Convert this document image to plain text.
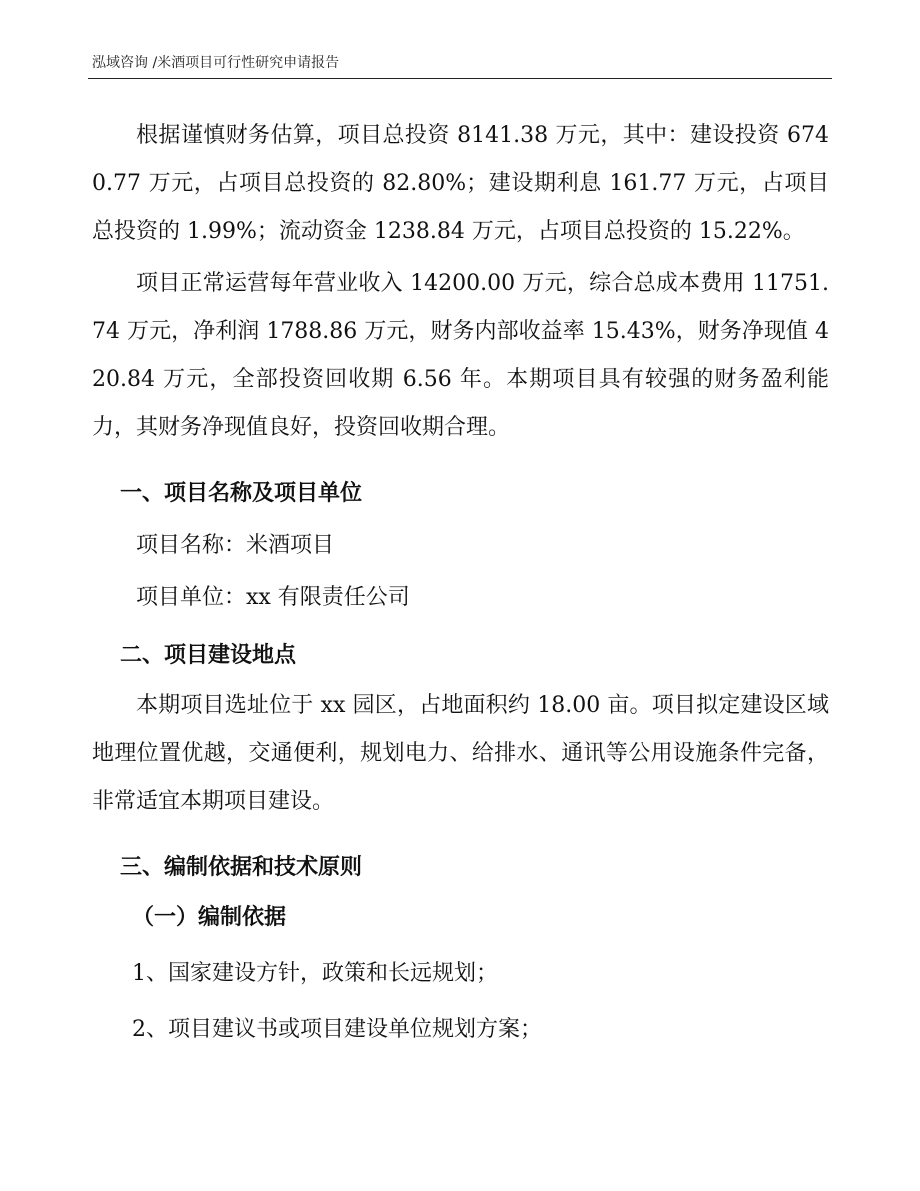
泓域咨询 /米酒项目可行性研究申请报告

根据谨慎财务估算，项目总投资 8141.38 万元，其中：建设投资 6740.77 万元，占项目总投资的 82.80%；建设期利息 161.77 万元，占项目总投资的 1.99%；流动资金 1238.84 万元，占项目总投资的 15.22%。

项目正常运营每年营业收入 14200.00 万元，综合总成本费用 11751.74 万元，净利润 1788.86 万元，财务内部收益率 15.43%，财务净现值 420.84 万元，全部投资回收期 6.56 年。本期项目具有较强的财务盈利能力，其财务净现值良好，投资回收期合理。

一、项目名称及项目单位

项目名称：米酒项目

项目单位：xx 有限责任公司

二、项目建设地点

本期项目选址位于 xx 园区，占地面积约 18.00 亩。项目拟定建设区域地理位置优越，交通便利，规划电力、给排水、通讯等公用设施条件完备，非常适宜本期项目建设。

三、编制依据和技术原则

（一）编制依据

1、国家建设方针，政策和长远规划；

2、项目建议书或项目建设单位规划方案；
